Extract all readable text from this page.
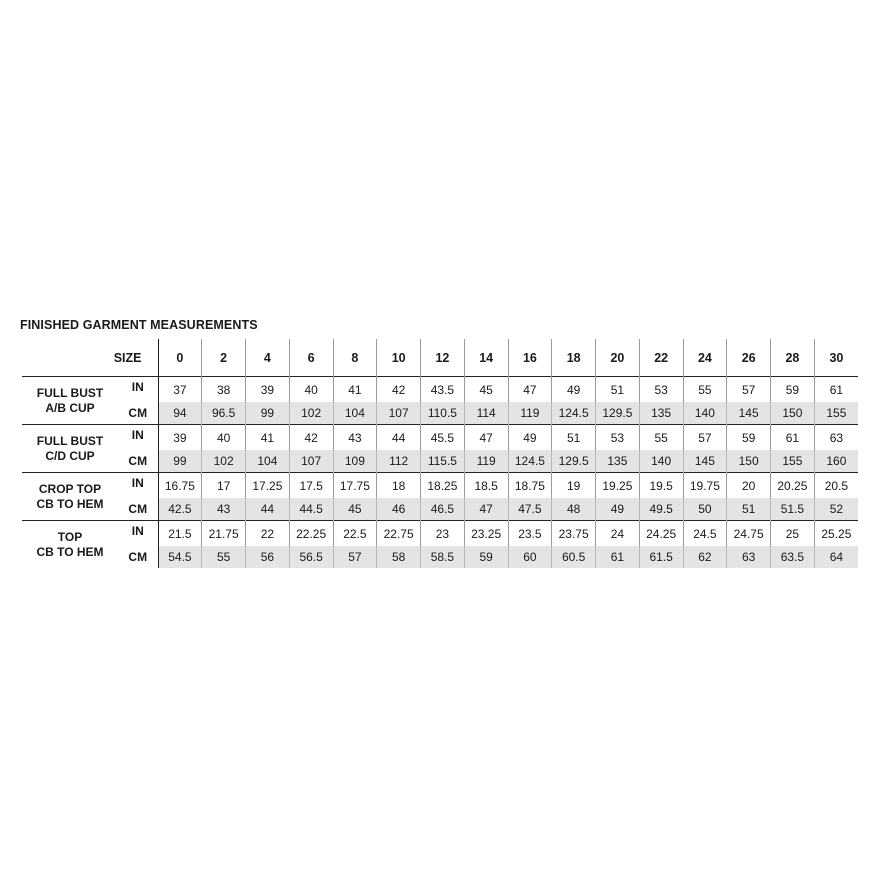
FINISHED GARMENT MEASUREMENTS
SIZE		0	2	4	6	8	10	12	14	16	18	20	22	24	26	28	30

FULL BUST
A/B CUP	IN	37	38	39	40	41	42	43.5	45	47	49	51	53	55	57	59	61
	CM	94	96.5	99	102	104	107	110.5	114	119	124.5	129.5	135	140	145	150	155

FULL BUST
C/D CUP	IN	39	40	41	42	43	44	45.5	47	49	51	53	55	57	59	61	63
	CM	99	102	104	107	109	112	115.5	119	124.5	129.5	135	140	145	150	155	160

CROP TOP
CB TO HEM	IN	16.75	17	17.25	17.5	17.75	18	18.25	18.5	18.75	19	19.25	19.5	19.75	20	20.25	20.5
	CM	42.5	43	44	44.5	45	46	46.5	47	47.5	48	49	49.5	50	51	51.5	52

TOP
CB TO HEM	IN	21.5	21.75	22	22.25	22.5	22.75	23	23.25	23.5	23.75	24	24.25	24.5	24.75	25	25.25
	CM	54.5	55	56	56.5	57	58	58.5	59	60	60.5	61	61.5	62	63	63.5	64
